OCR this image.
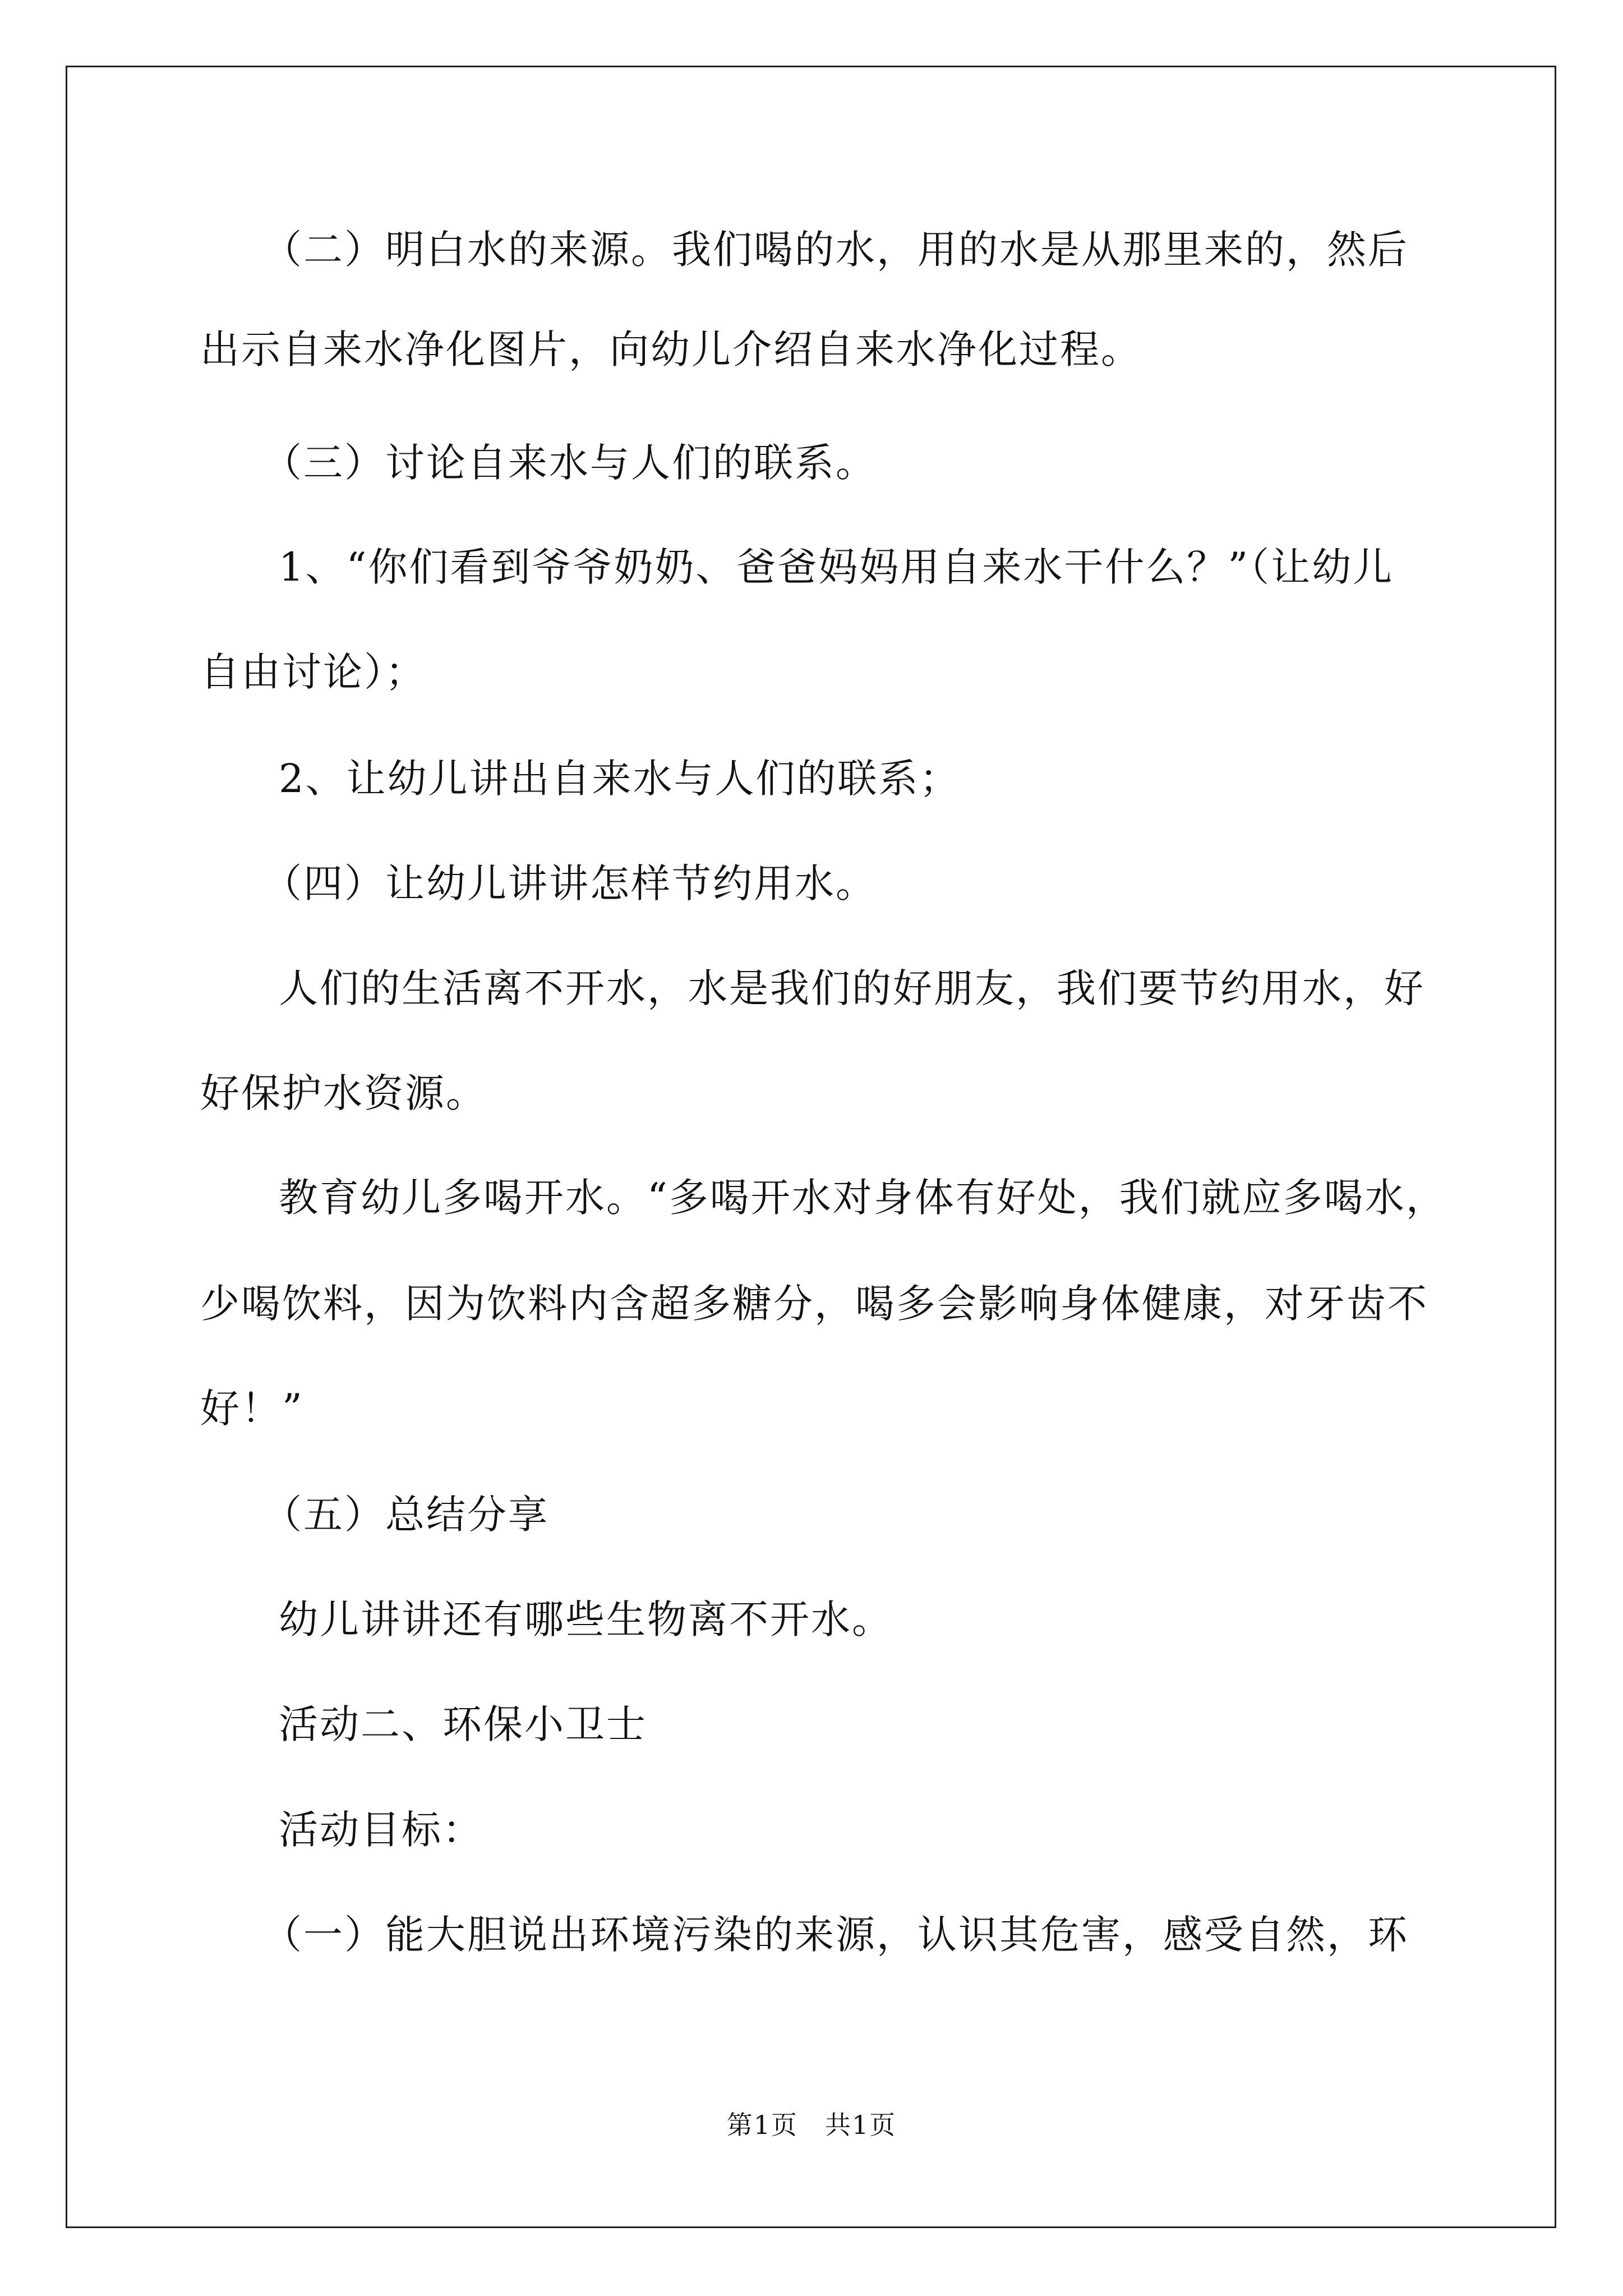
（二）明白水的来源。我们喝的水，用的水是从那里来的，然后
出示自来水净化图片，向幼儿介绍自来水净化过程。
（三）讨论自来水与人们的联系。
1、“你们看到爷爷奶奶、爸爸妈妈用自来水干什么？”（让幼儿
自由讨论）；
2、让幼儿讲出自来水与人们的联系；
（四）让幼儿讲讲怎样节约用水。
人们的生活离不开水，水是我们的好朋友，我们要节约用水，好
好保护水资源。
教育幼儿多喝开水。“多喝开水对身体有好处，我们就应多喝水，
少喝饮料，因为饮料内含超多糖分，喝多会影响身体健康，对牙齿不
好！”
（五）总结分享
幼儿讲讲还有哪些生物离不开水。
活动二、环保小卫士
活动目标：
（一）能大胆说出环境污染的来源，认识其危害，感受自然，环
第1页　共1页
